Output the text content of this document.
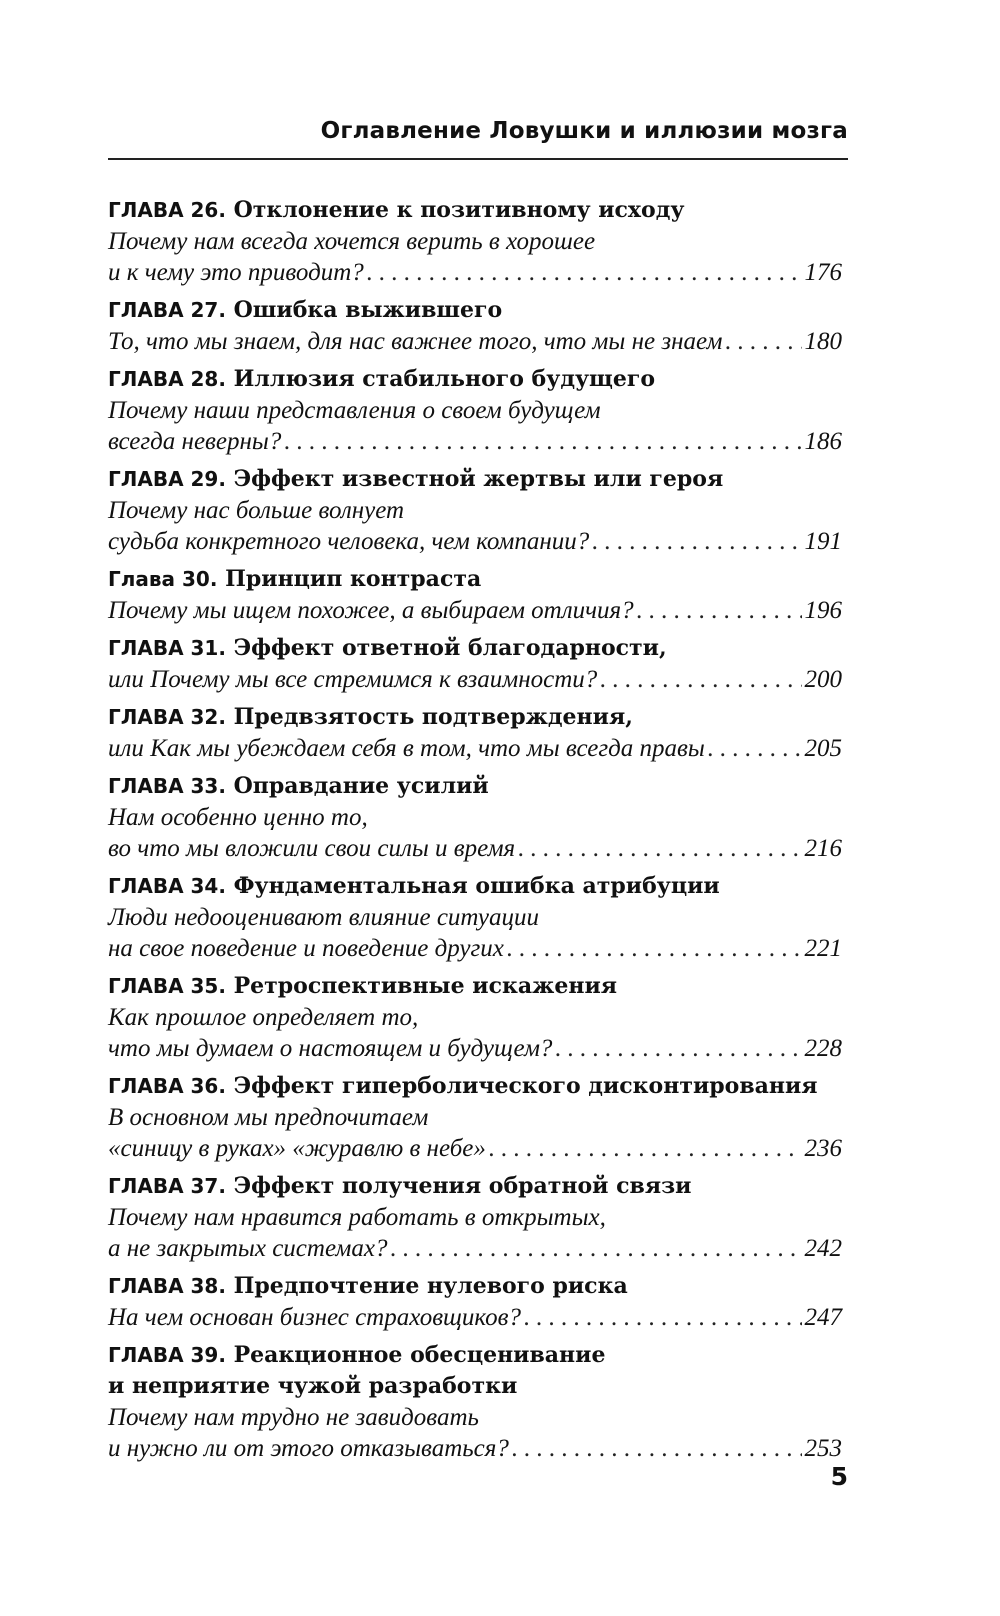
Оглавление Ловушки и иллюзии мозга
ГЛАВА 26. Отклонение к позитивному исходу
Почему нам всегда хочется верить в хорошее
и к чему это приводит? . . .	176
ГЛАВА 27. Ошибка выжившего
То, что мы знаем, для нас важнее того, что мы не знаем . . .	180
ГЛАВА 28. Иллюзия стабильного будущего
Почему наши представления о своем будущем
всегда неверны? . . .	186
ГЛАВА 29. Эффект известной жертвы или героя
Почему нас больше волнует
судьба конкретного человека, чем компании? . . .	191
Глава 30. Принцип контраста
Почему мы ищем похожее, а выбираем отличия? . . .	196
ГЛАВА 31. Эффект ответной благодарности,
или Почему мы все стремимся к взаимности? . . .	200
ГЛАВА 32. Предвзятость подтверждения,
или Как мы убеждаем себя в том, что мы всегда правы . . .	205
ГЛАВА 33. Оправдание усилий
Нам особенно ценно то,
во что мы вложили свои силы и время . . .	216
ГЛАВА 34. Фундаментальная ошибка атрибуции
Люди недооценивают влияние ситуации
на свое поведение и поведение других . . .	221
ГЛАВА 35. Ретроспективные искажения
Как прошлое определяет то,
что мы думаем о настоящем и будущем? . . .	228
ГЛАВА 36. Эффект гиперболического дисконтирования
В основном мы предпочитаем
«синицу в руках» «журавлю в небе» . . .	236
ГЛАВА 37. Эффект получения обратной связи
Почему нам нравится работать в открытых,
а не закрытых системах? . . .	242
ГЛАВА 38. Предпочтение нулевого риска
На чем основан бизнес страховщиков? . . .	247
ГЛАВА 39. Реакционное обесценивание
и неприятие чужой разработки
Почему нам трудно не завидовать
и нужно ли от этого отказываться? . . .	253
5
